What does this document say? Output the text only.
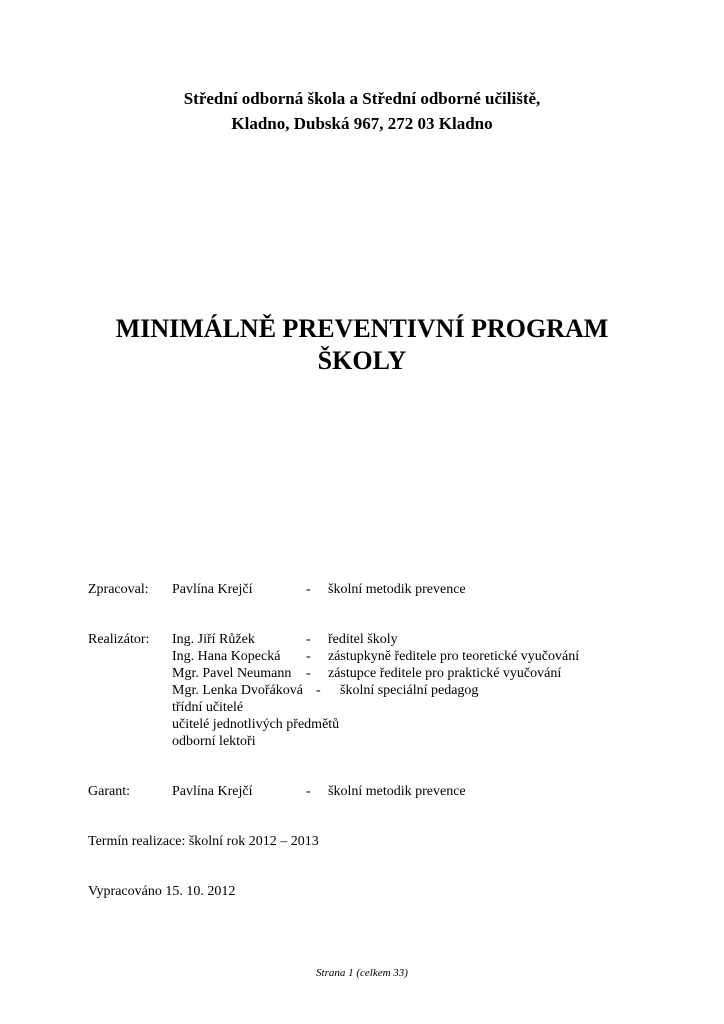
Střední odborná škola a Střední odborné učiliště,
Kladno, Dubská 967, 272 03 Kladno
MINIMÁLNĚ PREVENTIVNÍ PROGRAM
ŠKOLY
Zpracoval: Pavlína Krejčí	- školní metodik prevence
Realizátor: Ing. Jiří Růžek	- ředitel školy
Ing. Hana Kopecká - zástupkyně ředitele pro teoretické vyučování
Mgr. Pavel Neumann - zástupce ředitele pro praktické vyučování
Mgr. Lenka Dvořáková - školní speciální pedagog
třídní učitelé
učitelé jednotlivých předmětů
odborní lektoři
Garant:	Pavlína Krejčí	- školní metodik prevence
Termín realizace: školní rok 2012 – 2013
Vypracováno 15. 10. 2012
Strana 1 (celkem 33)
